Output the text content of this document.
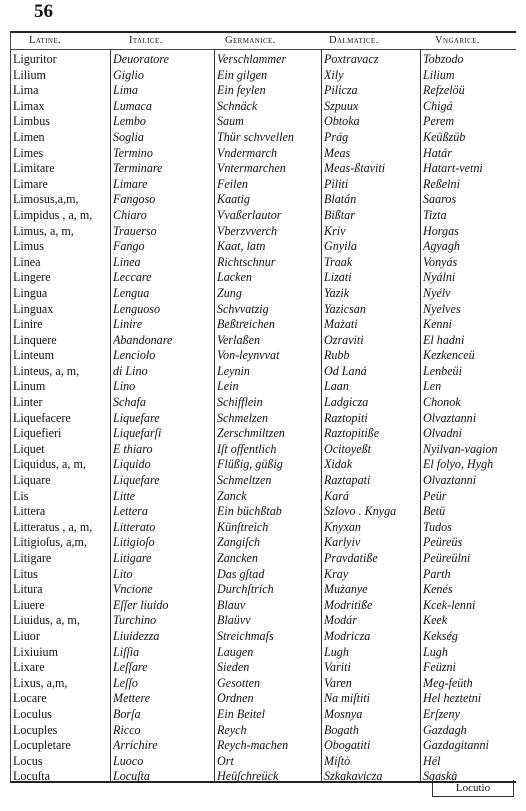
56
Latine.	Italice.	Germanice.	Dalmatice.	Vngarice.
Liguritor	Deuoratore	Verschlammer	Poxtravacz	Tobzodo
Lilium	Giglio	Ein gilgen	Xily	Lilium
Lima	Lima	Ein feylen	Piliсza	Refzelöü
Limax	Lumaca	Schnäck	Szpuux	Chigá
Limbus	Lembo	Saum	Obtoka	Perem
Limen	Soglia	Thür schvvellen	Prág	Keüßzüb
Limes	Termino	Vndermarch	Meas	Határ
Limitare	Terminare	Vntermarchen	Meas-ßtaviti	Hatart-vetni
Limare	Limare	Feilen	Piliti	Reßelni
Limosus,a,m,	Fangoso	Kaatig	Blatán	Saaros
Limpidus , a, m,	Chiaro	Vvaßerlautor	Bißtar	Tizta
Limus, a, m,	Trauerso	Vberzvverch	Kriv	Horgas
Limus	Fango	Kaat, latn	Gnyila	Agyagh
Linea	Linea	Richtschnur	Traak	Vonyás
Lingere	Leccare	Lacken	Lizati	Nyálni
Lingua	Lengua	Zung	Yazik	Nyélv
Linguax	Lenguoso	Schvvatzig	Yazicsan	Nyelves
Linire	Linire	Beßtreichen	Mażati	Kenni
Linquere	Abandonare	Verlaßen	Ozraviti	El hadni
Linteum	Lenciolo	Von-leynvvat	Rubb	Kezkenceü
Linteus, a, m,	di Lino	Leynin	Od Laná	Lenbeüi
Linum	Lino	Lein	Laan	Len
Linter	Schafa	Schifflein	Ladgicza	Chonok
Liquefacere	Liquefare	Schmelzen	Raztopiti	Olvaztanni
Liquefieri	Liquefarſi	Zerschmiltzen	Raztopitiße	Olvadni
Liquet	E thiaro	Iſt offentlich	Ocitoyeßt	Nyilvan-vagion
Liquidus, a, m,	Liquido	Flüßig, güßig	Xidak	El folyo, Hygh
Liquare	Liquefare	Schmeltzen	Raztapati	Olvaztanni
Lis	Litte	Zanck	Kará	Peür
Littera	Lettera	Ein büchßtab	Szlovo . Knyga	Betü
Litteratus , a, m,	Litterato	Künſtreich	Knyxan	Tudos
Litigioſus, a,m,	Litigioſo	Zangiſch	Karlyiv	Peüreüs
Litigare	Litigare	Zancken	Pravdatiße	Peüreülni
Litus	Lito	Das gſtad	Kray	Parth
Litura	Vncione	Durchſtrich	Mużanye	Kenés
Liuere	Eſſer liuido	Blauv	Modritiße	Kcek-lenni
Liuidus, a, m,	Turchino	Blaüvv	Modár	Keek
Liuor	Liuidezza	Streichmaſs	Modricza	Kekség
Lixiuium	Liſſia	Laugen	Lugh	Lugh
Lixare	Leſſare	Sieden	Variti	Feüzni
Lixus, a,m,	Leſſo	Gesotten	Varen	Meg-feüth
Locare	Mettere	Ordnen	Na miſtiti	Hel heztetni
Loculus	Borſa	Ein Beitel	Mosnya	Erſzeny
Locuples	Ricco	Reych	Bogath	Gazdagh
Locupletare	Arrichire	Reych-machen	Obogatiti	Gazdagitanni
Locus	Luoco	Ort	Miſtò	Hél
Locuſta	Locuſta	Heüſchreück	Szkakavicza	Saaskà
Locutio
